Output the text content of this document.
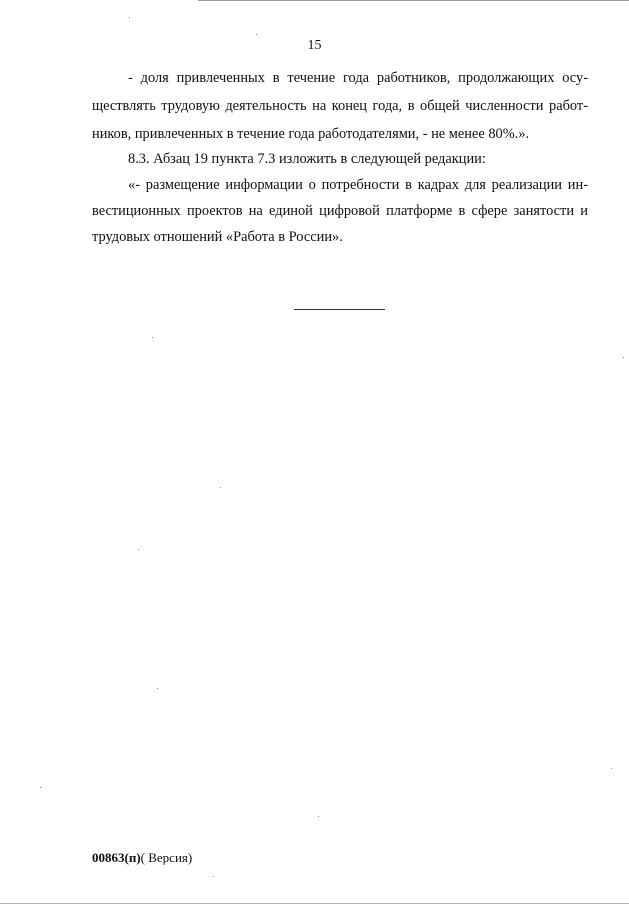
15
- доля привлеченных в течение года работников, продолжающих осу-
ществлять трудовую деятельность на конец года, в общей численности работ-
ников, привлеченных в течение года работодателями, - не менее 80%.».
8.3. Абзац 19 пункта 7.3 изложить в следующей редакции:
«- размещение информации о потребности в кадрах для реализации ин-
вестиционных проектов на единой цифровой платформе в сфере занятости и
трудовых отношений «Работа в России».
00863(п)( Версия)
